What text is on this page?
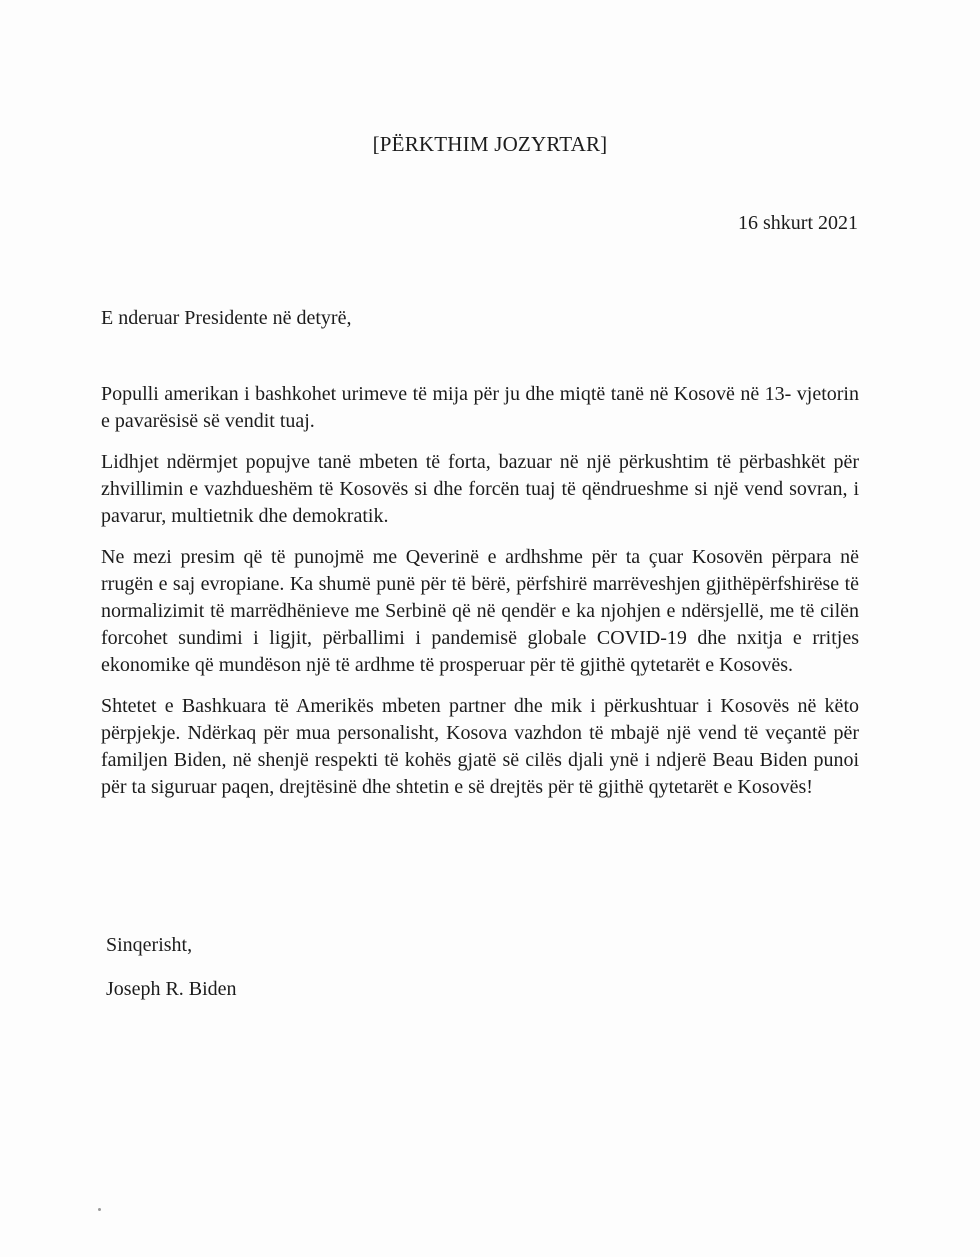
[PËRKTHIM JOZYRTAR]
16 shkurt 2021
E nderuar Presidente në detyrë,

Populli amerikan i bashkohet urimeve të mija për ju dhe miqtë tanë në Kosovë në 13- vjetorin e pavarësisë së vendit tuaj.

Lidhjet ndërmjet popujve tanë mbeten të forta, bazuar në një përkushtim të përbashkët për zhvillimin e vazhdueshëm të Kosovës si dhe forcën tuaj të qëndrueshme si një vend sovran, i pavarur, multietnik dhe demokratik.

Ne mezi presim që të punojmë me Qeverinë e ardhshme për ta çuar Kosovën përpara në rrugën e saj evropiane. Ka shumë punë për të bërë, përfshirë marrëveshjen gjithëpërfshirëse të normalizimit të marrëdhënieve me Serbinë që në qendër e ka njohjen e ndërsjellë, me të cilën forcohet sundimi i ligjit, përballimi i pandemisë globale COVID-19 dhe nxitja e rritjes ekonomike që mundëson një të ardhme të prosperuar për të gjithë qytetarët e Kosovës.

Shtetet e Bashkuara të Amerikës mbeten partner dhe mik i përkushtuar i Kosovës në këto përpjekje. Ndërkaq për mua personalisht, Kosova vazhdon të mbajë një vend të veçantë për familjen Biden, në shenjë respekti të kohës gjatë së cilës djali ynë i ndjerë Beau Biden punoi për ta siguruar paqen, drejtësinë dhe shtetin e së drejtës për të gjithë qytetarët e Kosovës!

Sinqerisht,
Joseph R. Biden
